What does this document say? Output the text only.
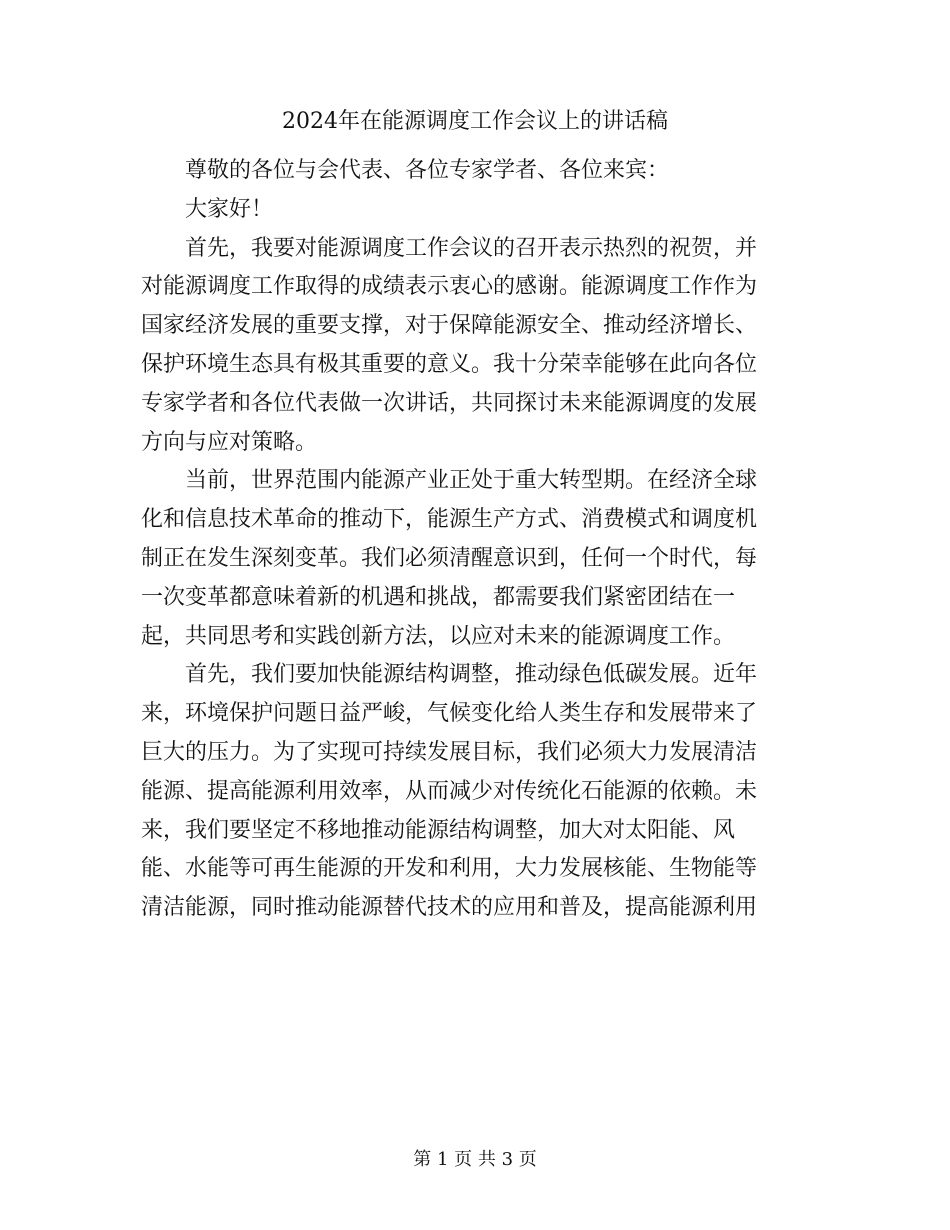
2024年在能源调度工作会议上的讲话稿

尊敬的各位与会代表、各位专家学者、各位来宾：

大家好！

首先，我要对能源调度工作会议的召开表示热烈的祝贺，并
对能源调度工作取得的成绩表示衷心的感谢。能源调度工作作为
国家经济发展的重要支撑，对于保障能源安全、推动经济增长、
保护环境生态具有极其重要的意义。我十分荣幸能够在此向各位
专家学者和各位代表做一次讲话，共同探讨未来能源调度的发展
方向与应对策略。

当前，世界范围内能源产业正处于重大转型期。在经济全球
化和信息技术革命的推动下，能源生产方式、消费模式和调度机
制正在发生深刻变革。我们必须清醒意识到，任何一个时代，每
一次变革都意味着新的机遇和挑战，都需要我们紧密团结在一
起，共同思考和实践创新方法，以应对未来的能源调度工作。

首先，我们要加快能源结构调整，推动绿色低碳发展。近年
来，环境保护问题日益严峻，气候变化给人类生存和发展带来了
巨大的压力。为了实现可持续发展目标，我们必须大力发展清洁
能源、提高能源利用效率，从而减少对传统化石能源的依赖。未
来，我们要坚定不移地推动能源结构调整，加大对太阳能、风
能、水能等可再生能源的开发和利用，大力发展核能、生物能等
清洁能源，同时推动能源替代技术的应用和普及，提高能源利用

第 1 页 共 3 页
